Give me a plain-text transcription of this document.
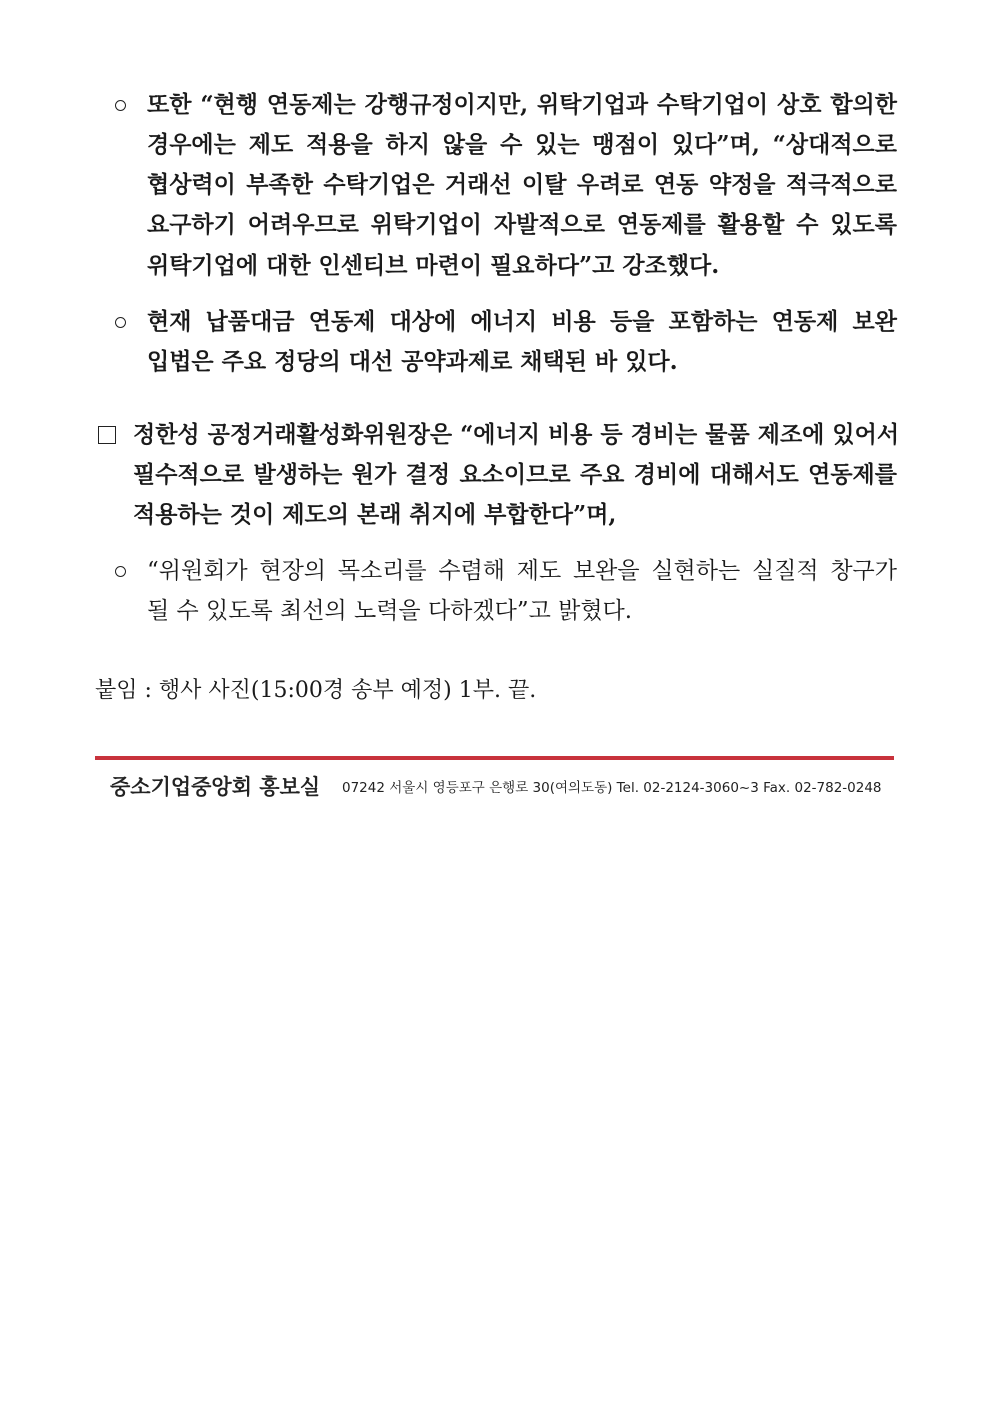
또한 “현행 연동제는 강행규정이지만, 위탁기업과 수탁기업이 상호 합의한
경우에는 제도 적용을 하지 않을 수 있는 맹점이 있다”며, “상대적으로
협상력이 부족한 수탁기업은 거래선 이탈 우려로 연동 약정을 적극적으로
요구하기 어려우므로 위탁기업이 자발적으로 연동제를 활용할 수 있도록
위탁기업에 대한 인센티브 마련이 필요하다”고 강조했다.
현재 납품대금 연동제 대상에 에너지 비용 등을 포함하는 연동제 보완
입법은 주요 정당의 대선 공약과제로 채택된 바 있다.
정한성 공정거래활성화위원장은 “에너지 비용 등 경비는 물품 제조에 있어서
필수적으로 발생하는 원가 결정 요소이므로 주요 경비에 대해서도 연동제를
적용하는 것이 제도의 본래 취지에 부합한다”며,
“위원회가 현장의 목소리를 수렴해 제도 보완을 실현하는 실질적 창구가
될 수 있도록 최선의 노력을 다하겠다”고 밝혔다.
붙임 : 행사 사진(15:00경 송부 예정) 1부. 끝.
중소기업중앙회 홍보실 07242 서울시 영등포구 은행로 30(여의도동) Tel. 02-2124-3060~3 Fax. 02-782-0248
